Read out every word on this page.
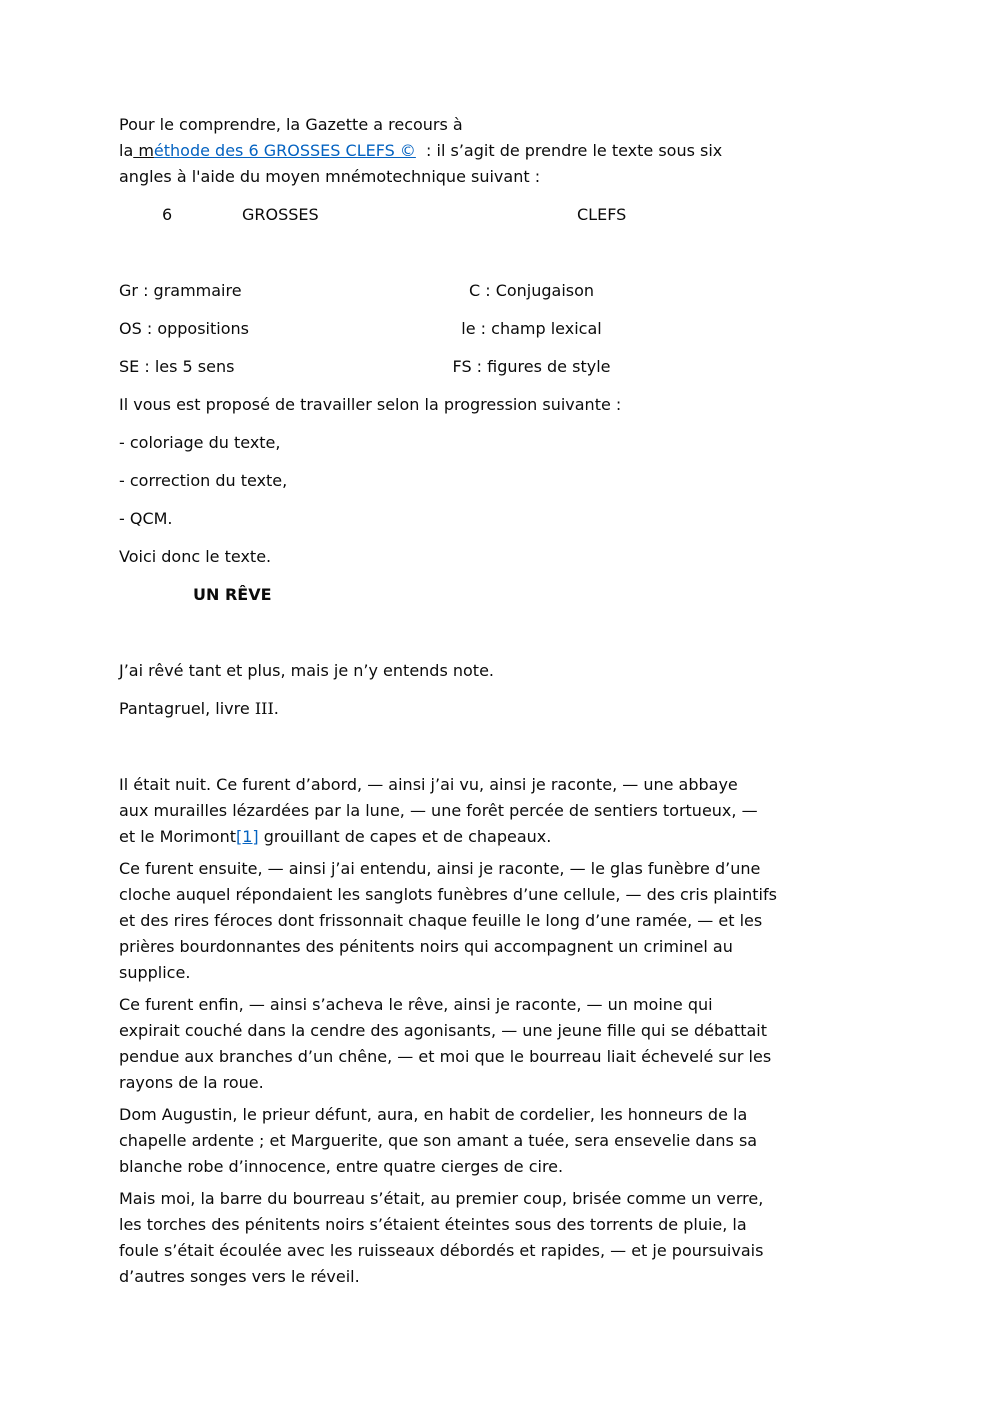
Pour le comprendre, la Gazette a recours à
la méthode des 6 GROSSES CLEFS ©  : il s’agit de prendre le texte sous six
angles à l'aide du moyen mnémotechnique suivant :

6	GROSSES	CLEFS
Gr : grammaire	C : Conjugaison
OS : oppositions	le : champ lexical
SE : les 5 sens	FS : figures de style

Il vous est proposé de travailler selon la progression suivante :

- coloriage du texte,

- correction du texte,

- QCM.

Voici donc le texte.

UN RÊVE

J’ai rêvé tant et plus, mais je n’y entends note.

Pantagruel, livre III.

Il était nuit. Ce furent d’abord, — ainsi j’ai vu, ainsi je raconte, — une abbaye
aux murailles lézardées par la lune, — une forêt percée de sentiers tortueux, —
et le Morimont[1] grouillant de capes et de chapeaux.

Ce furent ensuite, — ainsi j’ai entendu, ainsi je raconte, — le glas funèbre d’une
cloche auquel répondaient les sanglots funèbres d’une cellule, — des cris plaintifs
et des rires féroces dont frissonnait chaque feuille le long d’une ramée, — et les
prières bourdonnantes des pénitents noirs qui accompagnent un criminel au
supplice.

Ce furent enfin, — ainsi s’acheva le rêve, ainsi je raconte, — un moine qui
expirait couché dans la cendre des agonisants, — une jeune fille qui se débattait
pendue aux branches d’un chêne, — et moi que le bourreau liait échevelé sur les
rayons de la roue.

Dom Augustin, le prieur défunt, aura, en habit de cordelier, les honneurs de la
chapelle ardente ; et Marguerite, que son amant a tuée, sera ensevelie dans sa
blanche robe d’innocence, entre quatre cierges de cire.

Mais moi, la barre du bourreau s’était, au premier coup, brisée comme un verre,
les torches des pénitents noirs s’étaient éteintes sous des torrents de pluie, la
foule s’était écoulée avec les ruisseaux débordés et rapides, — et je poursuivais
d’autres songes vers le réveil.
